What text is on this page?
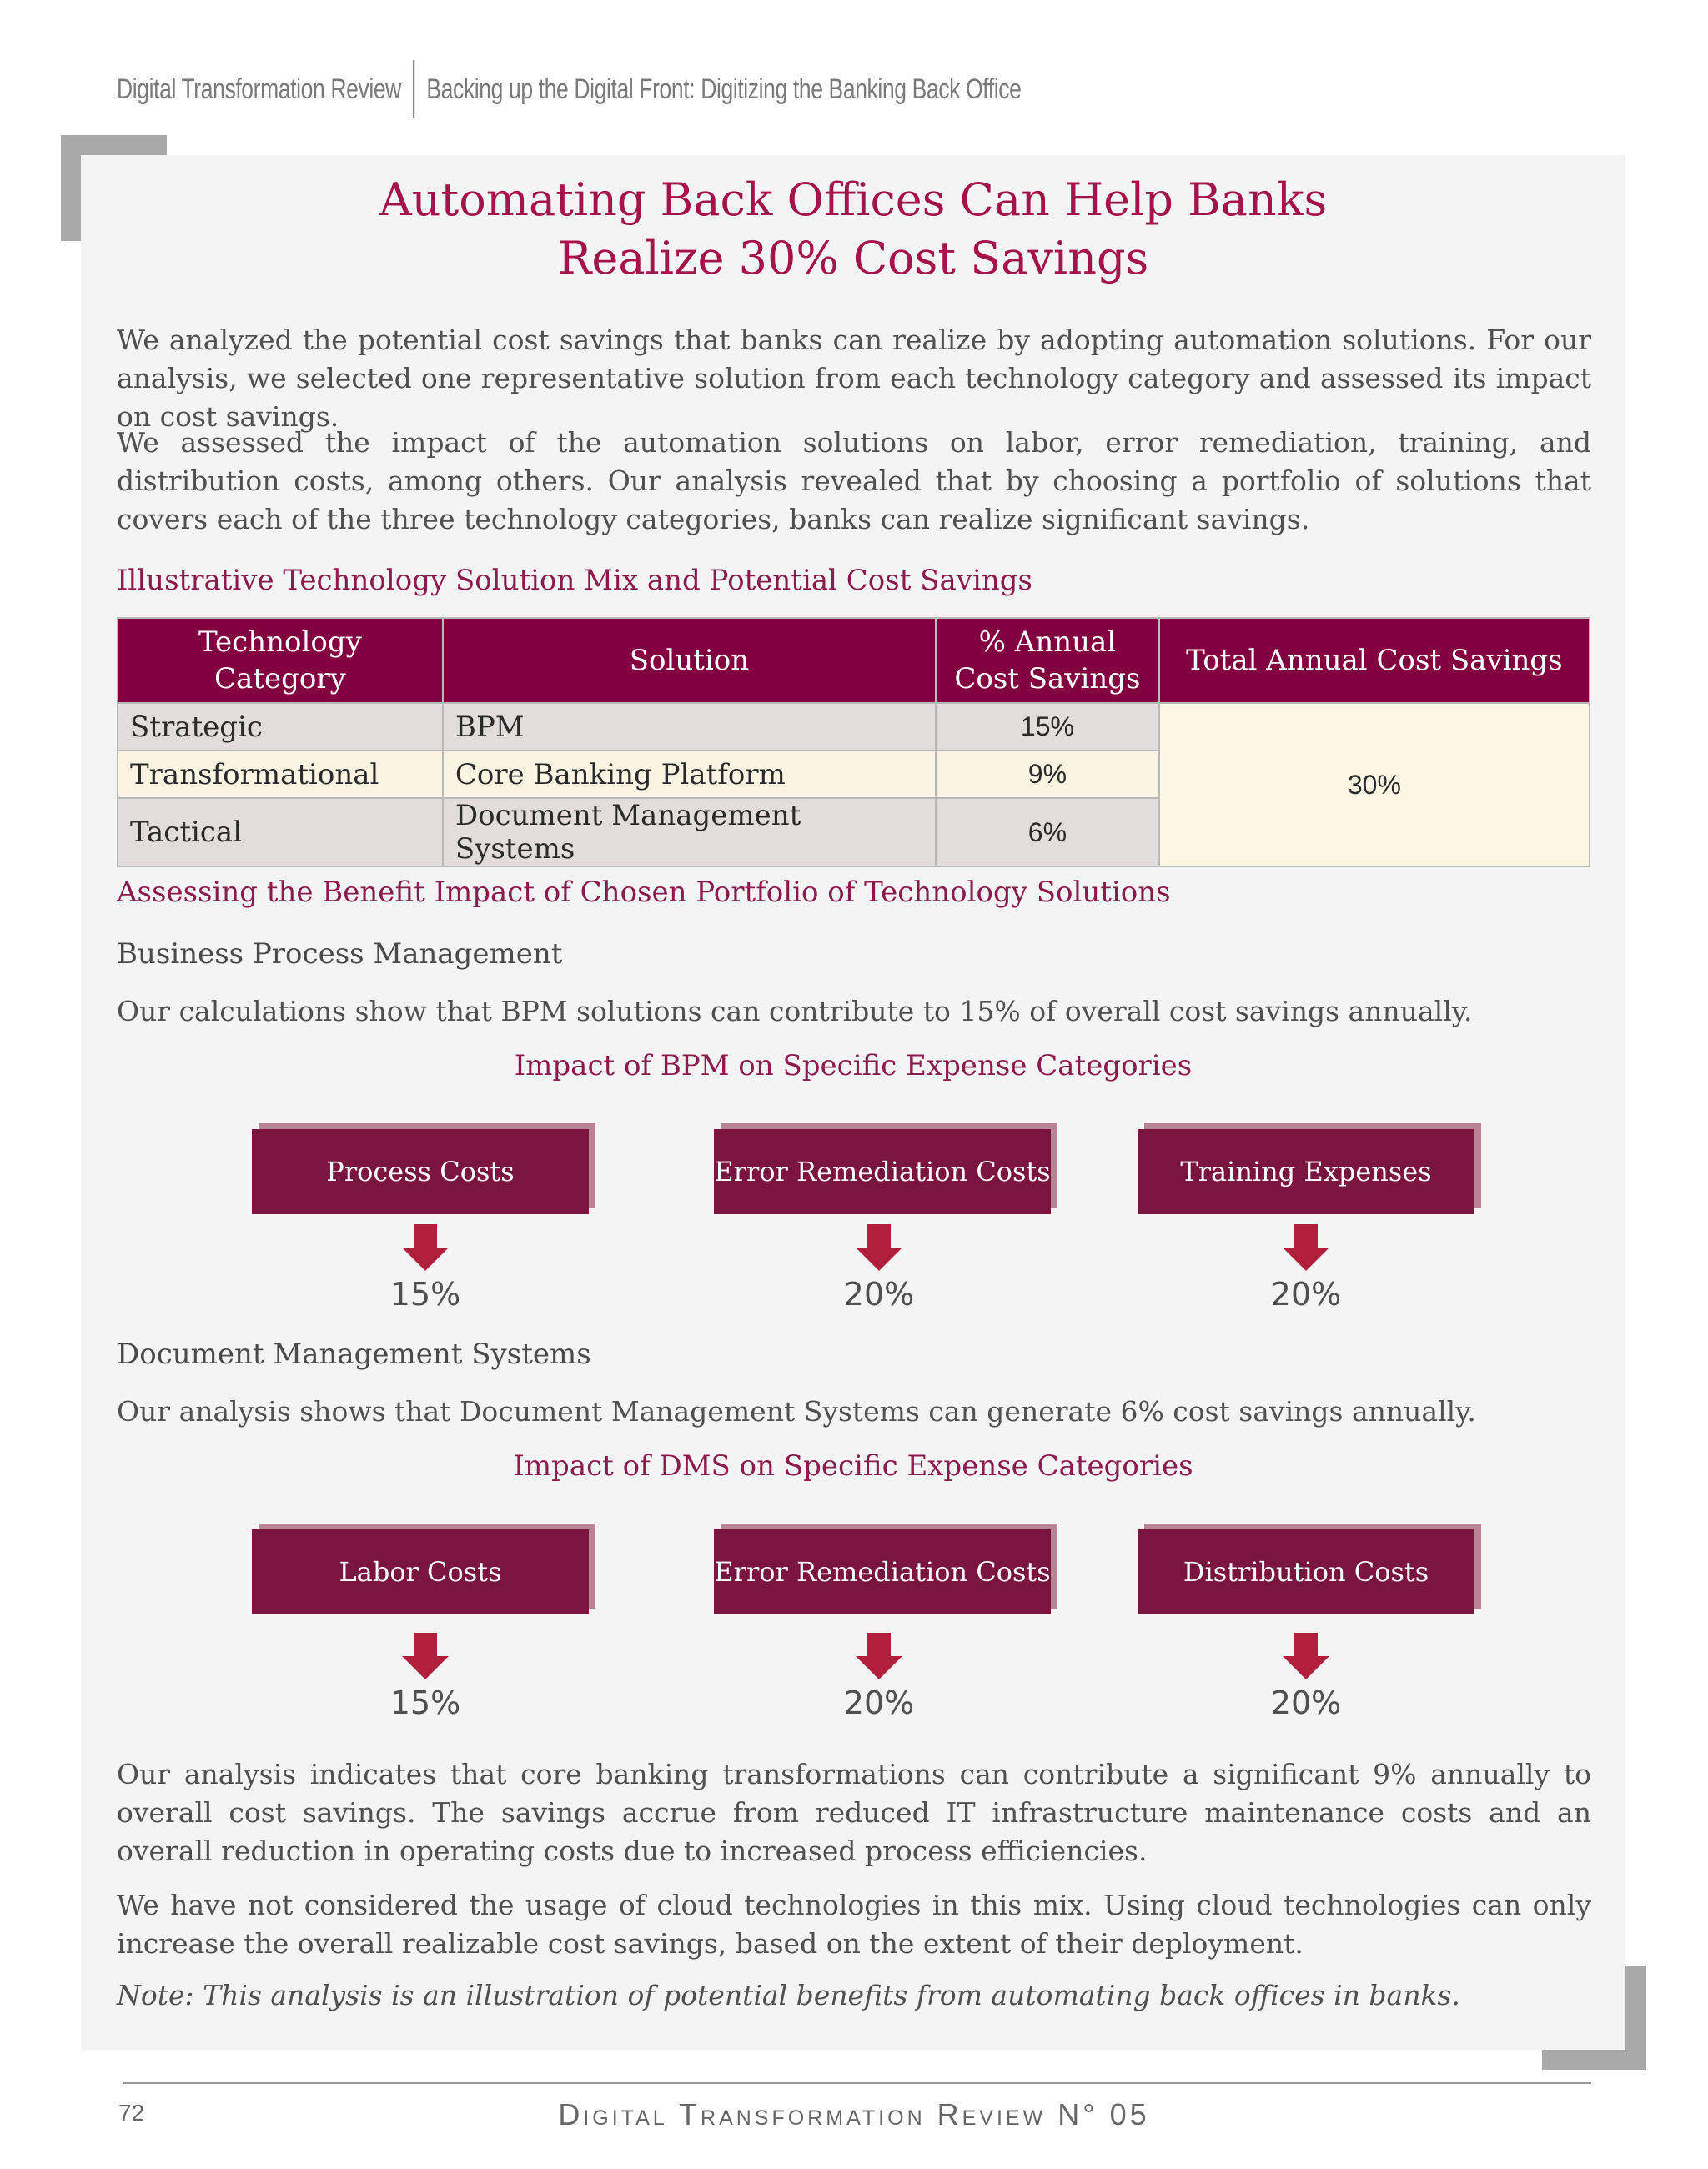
Digital Transformation Review Backing up the Digital Front: Digitizing the Banking Back Office
Automating Back Offices Can Help Banks
Realize 30% Cost Savings

We analyzed the potential cost savings that banks can realize by adopting automation solutions. For our analysis, we selected one representative solution from each technology category and assessed its impact on cost savings.

We assessed the impact of the automation solutions on labor, error remediation, training, and distribution costs, among others. Our analysis revealed that by choosing a portfolio of solutions that covers each of the three technology categories, banks can realize significant savings.

Illustrative Technology Solution Mix and Potential Cost Savings

Technology Category	Solution	% Annual Cost Savings	Total Annual Cost Savings
Strategic	BPM	15%	30%
Transformational	Core Banking Platform	9%	
Tactical	Document Management Systems	6%	

Assessing the Benefit Impact of Chosen Portfolio of Technology Solutions

Business Process Management

Our calculations show that BPM solutions can contribute to 15% of overall cost savings annually.

Impact of BPM on Specific Expense Categories
Process Costs	Error Remediation Costs	Training Expenses
15%	20%	20%

Document Management Systems

Our analysis shows that Document Management Systems can generate 6% cost savings annually.

Impact of DMS on Specific Expense Categories
Labor Costs	Error Remediation Costs	Distribution Costs
15%	20%	20%

Our analysis indicates that core banking transformations can contribute a significant 9% annually to overall cost savings. The savings accrue from reduced IT infrastructure maintenance costs and an overall reduction in operating costs due to increased process efficiencies.

We have not considered the usage of cloud technologies in this mix. Using cloud technologies can only increase the overall realizable cost savings, based on the extent of their deployment.

Note: This analysis is an illustration of potential benefits from automating back offices in banks.

72	Digital Transformation Review N° 05
